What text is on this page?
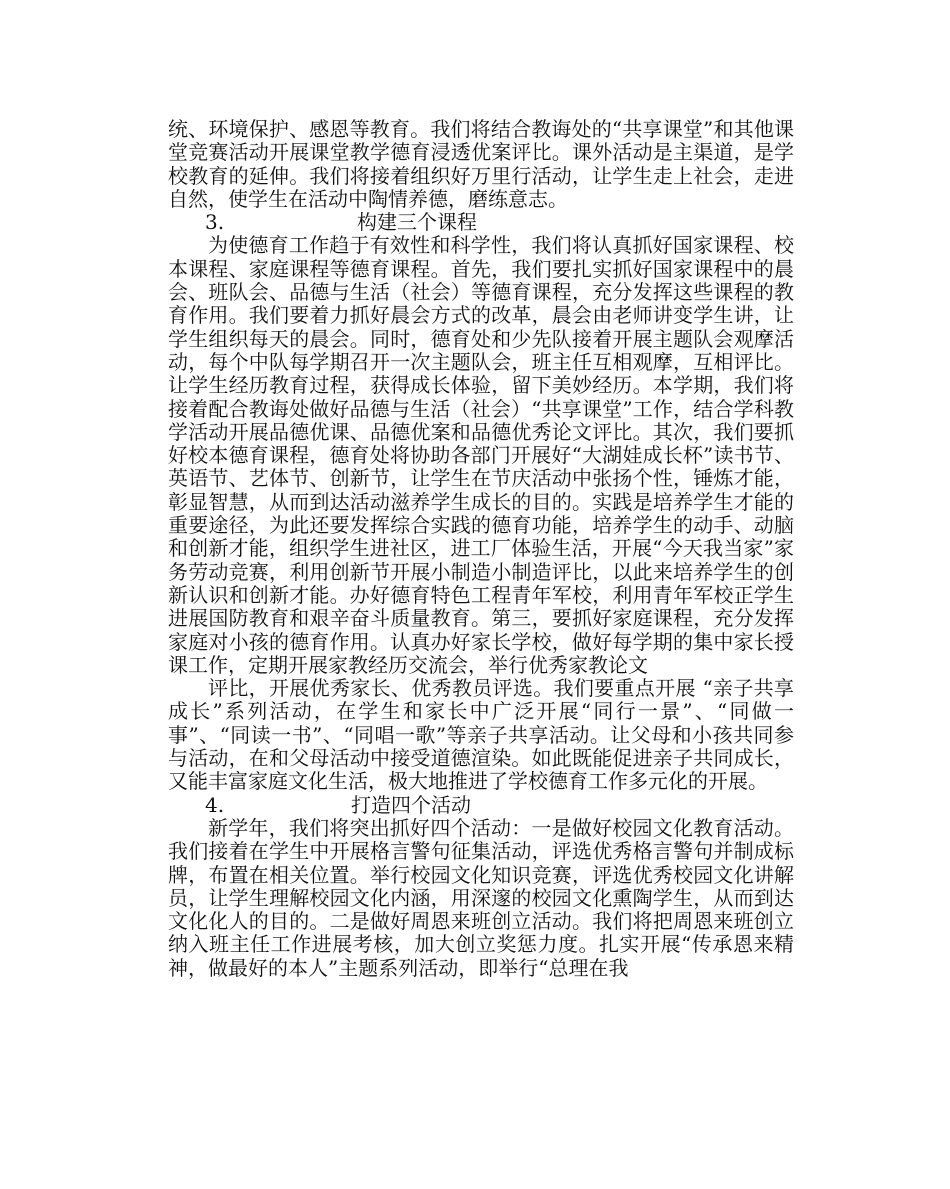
统、环境保护、感恩等教育。我们将结合教诲处的“共享课堂”和其他课堂竞赛活动开展课堂教学德育浸透优案评比。课外活动是主渠道，是学校教育的延伸。我们将接着组织好万里行活动，让学生走上社会，走进自然，使学生在活动中陶情养德，磨练意志。

3.	构建三个课程

为使德育工作趋于有效性和科学性，我们将认真抓好国家课程、校本课程、家庭课程等德育课程。首先，我们要扎实抓好国家课程中的晨会、班队会、品德与生活（社会）等德育课程，充分发挥这些课程的教育作用。我们要着力抓好晨会方式的改革，晨会由老师讲变学生讲，让学生组织每天的晨会。同时，德育处和少先队接着开展主题队会观摩活动，每个中队每学期召开一次主题队会，班主任互相观摩，互相评比。让学生经历教育过程，获得成长体验，留下美妙经历。本学期，我们将接着配合教诲处做好品德与生活（社会）“共享课堂”工作，结合学科教学活动开展品德优课、品德优案和品德优秀论文评比。其次，我们要抓好校本德育课程，德育处将协助各部门开展好“大湖娃成长杯”读书节、英语节、艺体节、创新节，让学生在节庆活动中张扬个性，锤炼才能，彰显智慧，从而到达活动滋养学生成长的目的。实践是培养学生才能的重要途径，为此还要发挥综合实践的德育功能，培养学生的动手、动脑和创新才能，组织学生进社区，进工厂体验生活，开展“今天我当家”家务劳动竞赛，利用创新节开展小制造小制造评比，以此来培养学生的创新认识和创新才能。办好德育特色工程青年军校，利用青年军校正学生进展国防教育和艰辛奋斗质量教育。第三，要抓好家庭课程，充分发挥家庭对小孩的德育作用。认真办好家长学校，做好每学期的集中家长授课工作，定期开展家教经历交流会，举行优秀家教论文

评比，开展优秀家长、优秀教员评选。我们要重点开展 “亲子共享成长”系列活动，在学生和家长中广泛开展“同行一景”、“同做一事”、“同读一书”、“同唱一歌”等亲子共享活动。让父母和小孩共同参与活动，在和父母活动中接受道德渲染。如此既能促进亲子共同成长，又能丰富家庭文化生活，极大地推进了学校德育工作多元化的开展。

4.	打造四个活动

新学年，我们将突出抓好四个活动：一是做好校园文化教育活动。我们接着在学生中开展格言警句征集活动，评选优秀格言警句并制成标牌，布置在相关位置。举行校园文化知识竞赛，评选优秀校园文化讲解员，让学生理解校园文化内涵，用深邃的校园文化熏陶学生，从而到达文化化人的目的。二是做好周恩来班创立活动。我们将把周恩来班创立纳入班主任工作进展考核，加大创立奖惩力度。扎实开展“传承恩来精神，做最好的本人”主题系列活动，即举行“总理在我
